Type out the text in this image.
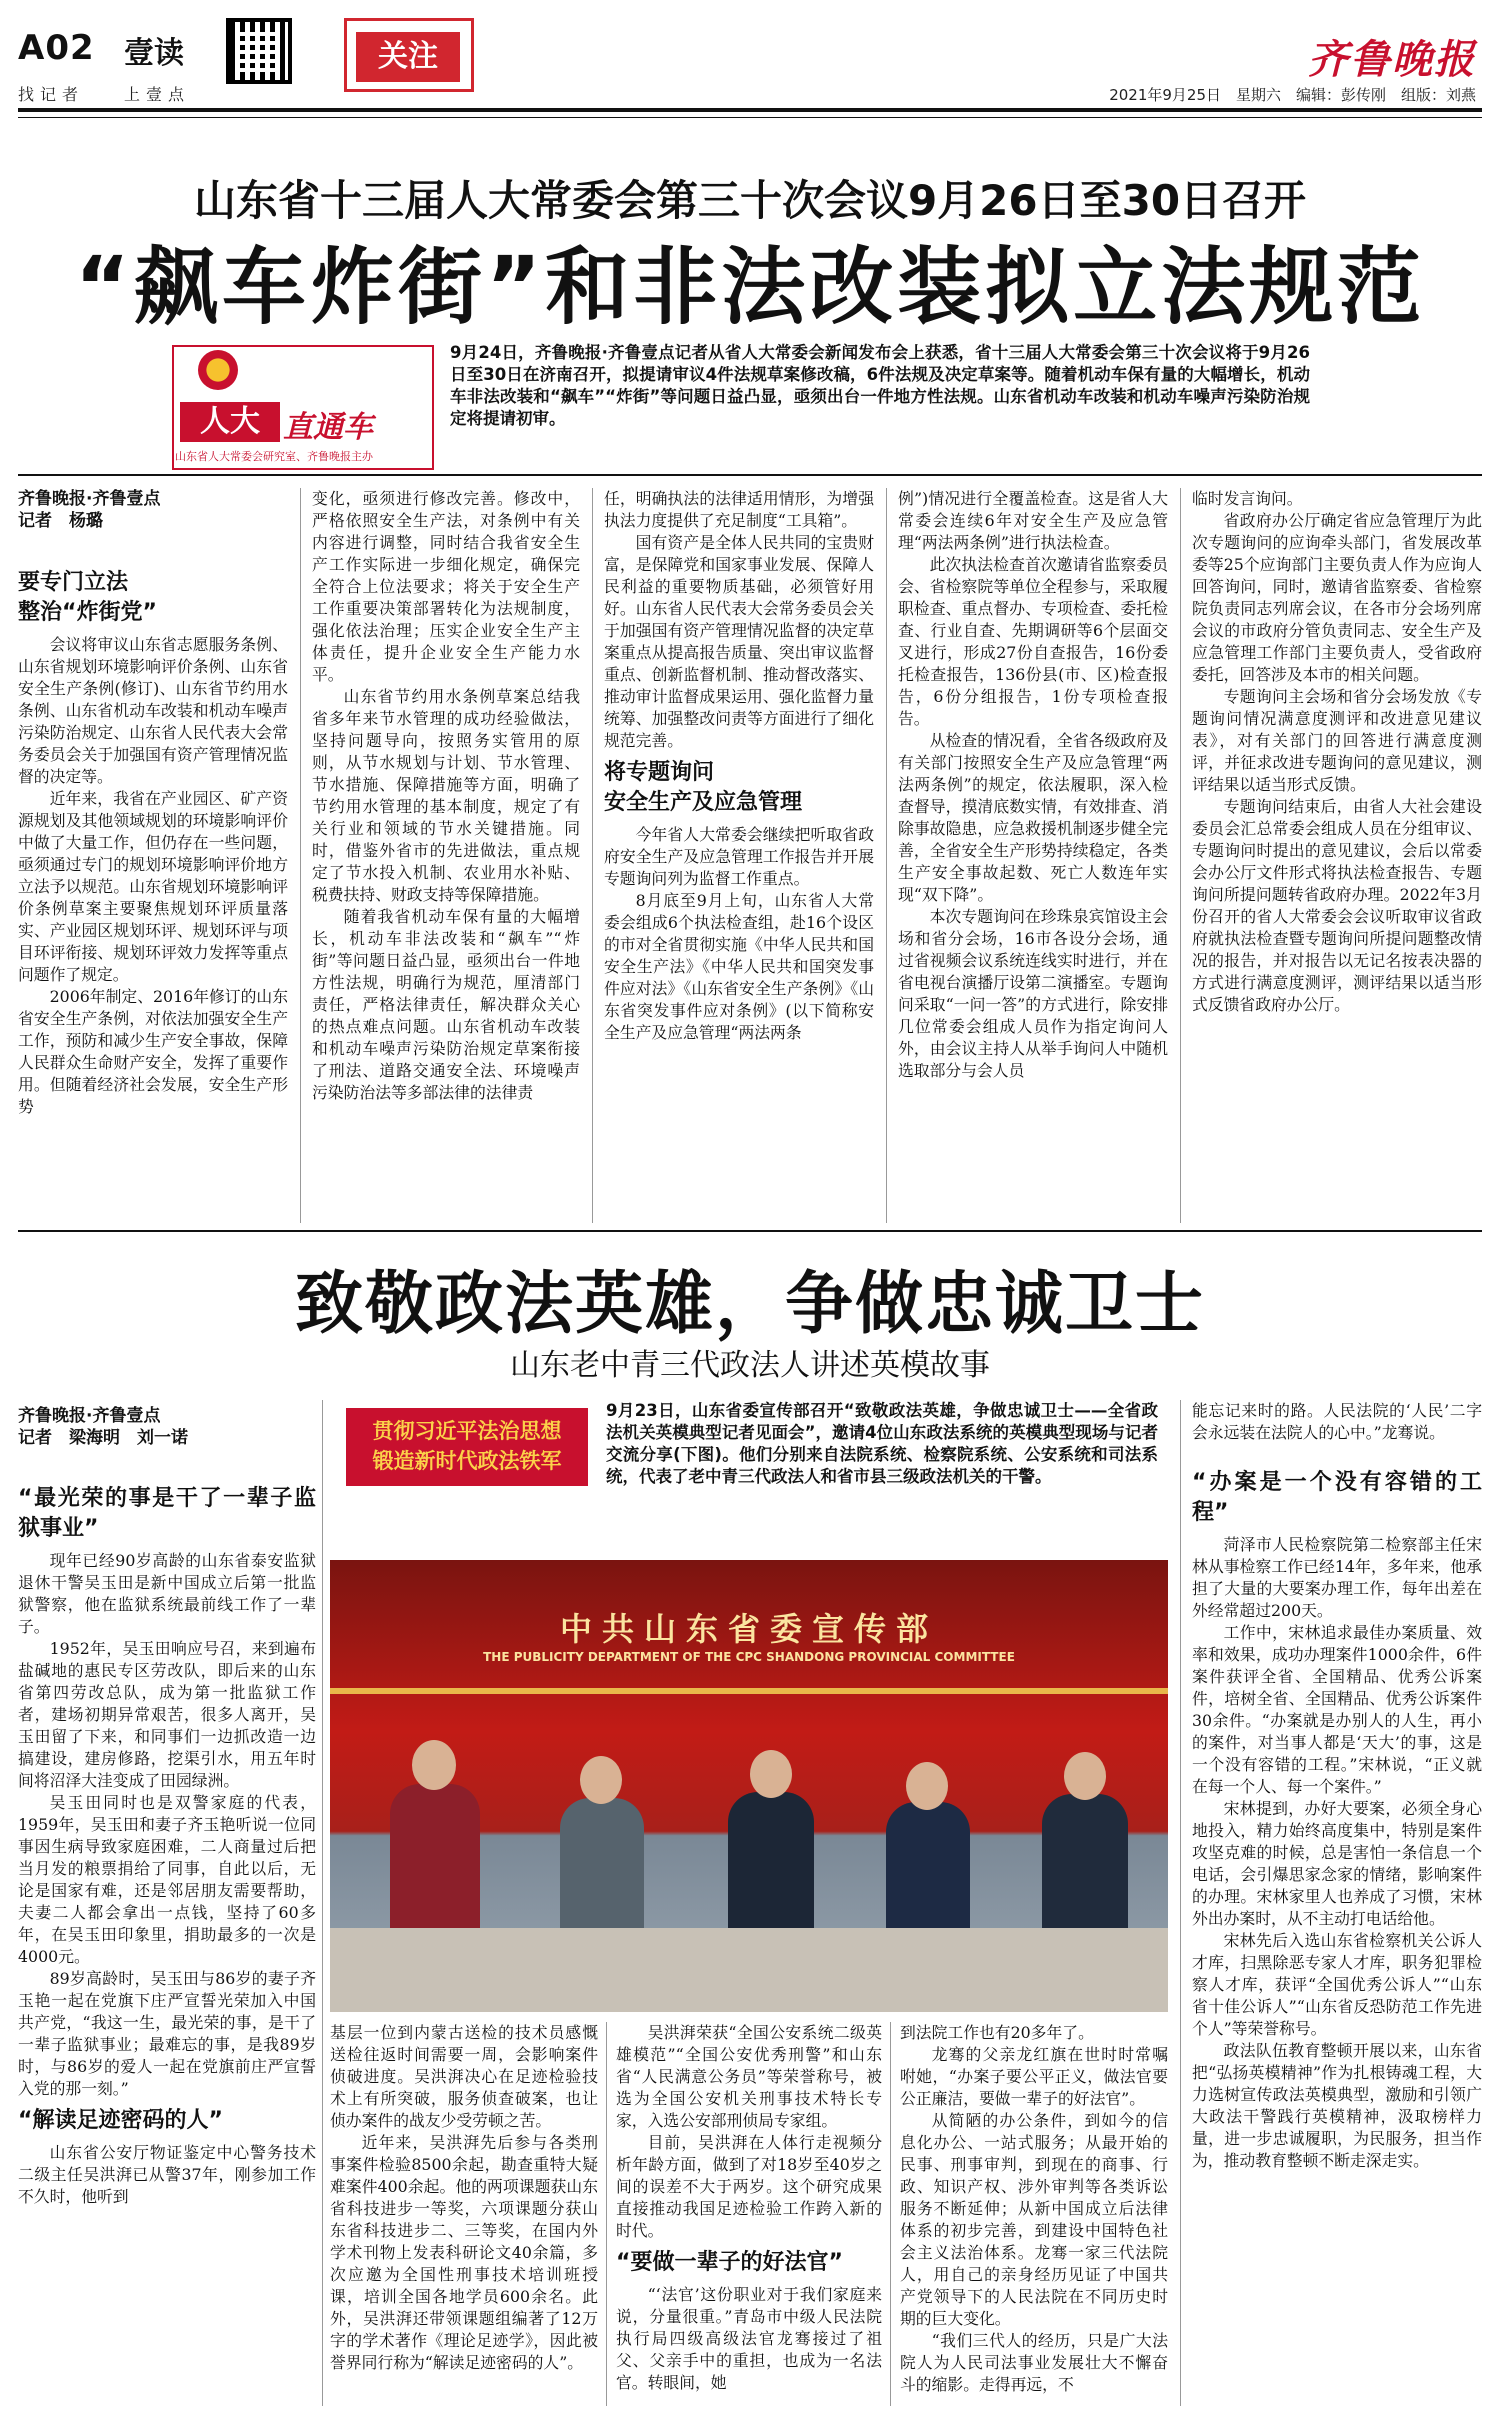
A02 壹读
找记者 上壹点
关注	齐鲁晚报
2021年9月25日　星期六　编辑：彭传刚　组版：刘燕
山东省十三届人大常委会第三十次会议9月26日至30日召开
“飙车炸街”和非法改装拟立法规范
人大 直通车
山东省人大常委会研究室、齐鲁晚报主办
9月24日，齐鲁晚报·齐鲁壹点记者从省人大常委会新闻发布会上获悉，省十三届人大常委会第三十次会议将于9月26日至30日在济南召开，拟提请审议4件法规草案修改稿，6件法规及决定草案等。随着机动车保有量的大幅增长，机动车非法改装和“飙车”“炸街”等问题日益凸显，亟须出台一件地方性法规。山东省机动车改装和机动车噪声污染防治规定将提请初审。
齐鲁晚报·齐鲁壹点
记者　杨璐
要专门立法
整治“炸街党”

会议将审议山东省志愿服务条例、山东省规划环境影响评价条例、山东省安全生产条例(修订)、山东省节约用水条例、山东省机动车改装和机动车噪声污染防治规定、山东省人民代表大会常务委员会关于加强国有资产管理情况监督的决定等。

近年来，我省在产业园区、矿产资源规划及其他领域规划的环境影响评价中做了大量工作，但仍存在一些问题，亟须通过专门的规划环境影响评价地方立法予以规范。山东省规划环境影响评价条例草案主要聚焦规划环评质量落实、产业园区规划环评、规划环评与项目环评衔接、规划环评效力发挥等重点问题作了规定。

2006年制定、2016年修订的山东省安全生产条例，对依法加强安全生产工作，预防和减少生产安全事故，保障人民群众生命财产安全，发挥了重要作用。但随着经济社会发展，安全生产形势

变化，亟须进行修改完善。修改中，严格依照安全生产法，对条例中有关内容进行调整，同时结合我省安全生产工作实际进一步细化规定，确保完全符合上位法要求；将关于安全生产工作重要决策部署转化为法规制度，强化依法治理；压实企业安全生产主体责任，提升企业安全生产能力水平。

山东省节约用水条例草案总结我省多年来节水管理的成功经验做法，坚持问题导向，按照务实管用的原则，从节水规划与计划、节水管理、节水措施、保障措施等方面，明确了节约用水管理的基本制度，规定了有关行业和领域的节水关键措施。同时，借鉴外省市的先进做法，重点规定了节水投入机制、农业用水补贴、税费扶持、财政支持等保障措施。

随着我省机动车保有量的大幅增长，机动车非法改装和“飙车”“炸街”等问题日益凸显，亟须出台一件地方性法规，明确行为规范，厘清部门责任，严格法律责任，解决群众关心的热点难点问题。山东省机动车改装和机动车噪声污染防治规定草案衔接了刑法、道路交通安全法、环境噪声污染防治法等多部法律的法律责

任，明确执法的法律适用情形，为增强执法力度提供了充足制度“工具箱”。

国有资产是全体人民共同的宝贵财富，是保障党和国家事业发展、保障人民利益的重要物质基础，必须管好用好。山东省人民代表大会常务委员会关于加强国有资产管理情况监督的决定草案重点从提高报告质量、突出审议监督重点、创新监督机制、推动督改落实、推动审计监督成果运用、强化监督力量统筹、加强整改问责等方面进行了细化规范完善。

将专题询问
安全生产及应急管理

今年省人大常委会继续把听取省政府安全生产及应急管理工作报告并开展专题询问列为监督工作重点。

8月底至9月上旬，山东省人大常委会组成6个执法检查组，赴16个设区的市对全省贯彻实施《中华人民共和国安全生产法》《中华人民共和国突发事件应对法》《山东省安全生产条例》《山东省突发事件应对条例》(以下简称安全生产及应急管理“两法两条

例”)情况进行全覆盖检查。这是省人大常委会连续6年对安全生产及应急管理“两法两条例”进行执法检查。

此次执法检查首次邀请省监察委员会、省检察院等单位全程参与，采取履职检查、重点督办、专项检查、委托检查、行业自查、先期调研等6个层面交叉进行，形成27份自查报告，16份委托检查报告，136份县(市、区)检查报告，6份分组报告，1份专项检查报告。

从检查的情况看，全省各级政府及有关部门按照安全生产及应急管理“两法两条例”的规定，依法履职，深入检查督导，摸清底数实情，有效排查、消除事故隐患，应急救援机制逐步健全完善，全省安全生产形势持续稳定，各类生产安全事故起数、死亡人数连年实现“双下降”。

本次专题询问在珍珠泉宾馆设主会场和省分会场，16市各设分会场，通过省视频会议系统连线实时进行，并在省电视台演播厅设第二演播室。专题询问采取“一问一答”的方式进行，除安排几位常委会组成人员作为指定询问人外，由会议主持人从举手询问人中随机选取部分与会人员

临时发言询问。

省政府办公厅确定省应急管理厅为此次专题询问的应询牵头部门，省发展改革委等25个应询部门主要负责人作为应询人回答询问，同时，邀请省监察委、省检察院负责同志列席会议，在各市分会场列席会议的市政府分管负责同志、安全生产及应急管理工作部门主要负责人，受省政府委托，回答涉及本市的相关问题。

专题询问主会场和省分会场发放《专题询问情况满意度测评和改进意见建议表》，对有关部门的回答进行满意度测评，并征求改进专题询问的意见建议，测评结果以适当形式反馈。

专题询问结束后，由省人大社会建设委员会汇总常委会组成人员在分组审议、专题询问时提出的意见建议，会后以常委会办公厅文件形式将执法检查报告、专题询问所提问题转省政府办理。2022年3月份召开的省人大常委会会议听取审议省政府就执法检查暨专题询问所提问题整改情况的报告，并对报告以无记名按表决器的方式进行满意度测评，测评结果以适当形式反馈省政府办公厅。

致敬政法英雄，争做忠诚卫士
山东老中青三代政法人讲述英模故事
齐鲁晚报·齐鲁壹点
记者　梁海明　刘一诺	贯彻习近平法治思想
锻造新时代政法铁军
9月23日，山东省委宣传部召开“致敬政法英雄，争做忠诚卫士——全省政法机关英模典型记者见面会”，邀请4位山东政法系统的英模典型现场与记者交流分享(下图)。他们分别来自法院系统、检察院系统、公安系统和司法系统，代表了老中青三代政法人和省市县三级政法机关的干警。
“最光荣的事是干了一辈子监狱事业”

现年已经90岁高龄的山东省泰安监狱退休干警吴玉田是新中国成立后第一批监狱警察，他在监狱系统最前线工作了一辈子。

1952年，吴玉田响应号召，来到遍布盐碱地的惠民专区劳改队，即后来的山东省第四劳改总队，成为第一批监狱工作者，建场初期异常艰苦，很多人离开，吴玉田留了下来，和同事们一边抓改造一边搞建设，建房修路，挖渠引水，用五年时间将沼泽大洼变成了田园绿洲。

吴玉田同时也是双警家庭的代表，1959年，吴玉田和妻子齐玉艳听说一位同事因生病导致家庭困难，二人商量过后把当月发的粮票捐给了同事，自此以后，无论是国家有难，还是邻居朋友需要帮助，夫妻二人都会拿出一点钱，坚持了60多年，在吴玉田印象里，捐助最多的一次是4000元。

89岁高龄时，吴玉田与86岁的妻子齐玉艳一起在党旗下庄严宣誓光荣加入中国共产党，“我这一生，最光荣的事，是干了一辈子监狱事业；最难忘的事，是我89岁时，与86岁的爱人一起在党旗前庄严宣誓入党的那一刻。”

“解读足迹密码的人”

山东省公安厅物证鉴定中心警务技术二级主任吴洪湃已从警37年，刚参加工作不久时，他听到

中共山东省委宣传部
THE PUBLICITY DEPARTMENT OF THE CPC SHANDONG PROVINCIAL COMMITTEE

基层一位到内蒙古送检的技术员感慨送检往返时间需要一周，会影响案件侦破进度。吴洪湃决心在足迹检验技术上有所突破，服务侦查破案，也让侦办案件的战友少受劳顿之苦。

近年来，吴洪湃先后参与各类刑事案件检验8500余起，勘查重特大疑难案件400余起。他的两项课题获山东省科技进步一等奖，六项课题分获山东省科技进步二、三等奖，在国内外学术刊物上发表科研论文40余篇，多次应邀为全国性刑事技术培训班授课，培训全国各地学员600余名。此外，吴洪湃还带领课题组编著了12万字的学术著作《理论足迹学》，因此被誉界同行称为“解读足迹密码的人”。

吴洪湃荣获“全国公安系统二级英雄模范”“全国公安优秀刑警”和山东省“人民满意公务员”等荣誉称号，被选为全国公安机关刑事技术特长专家，入选公安部刑侦局专家组。

目前，吴洪湃在人体行走视频分析年龄方面，做到了对18岁至40岁之间的误差不大于两岁。这个研究成果直接推动我国足迹检验工作跨入新的时代。

“要做一辈子的好法官”

“‘法官’这份职业对于我们家庭来说，分量很重。”青岛市中级人民法院执行局四级高级法官龙骞接过了祖父、父亲手中的重担，也成为一名法官。转眼间，她

到法院工作也有20多年了。

龙骞的父亲龙红旗在世时时常嘱咐她，“办案子要公平正义，做法官要公正廉洁，要做一辈子的好法官”。

从简陋的办公条件，到如今的信息化办公、一站式服务；从最开始的民事、刑事审判，到现在的商事、行政、知识产权、涉外审判等各类诉讼服务不断延伸；从新中国成立后法律体系的初步完善，到建设中国特色社会主义法治体系。龙骞一家三代法院人，用自己的亲身经历见证了中国共产党领导下的人民法院在不同历史时期的巨大变化。

“我们三代人的经历，只是广大法院人为人民司法事业发展壮大不懈奋斗的缩影。走得再远，不

能忘记来时的路。人民法院的‘人民’二字会永远装在法院人的心中。”龙骞说。

“办案是一个没有容错的工程”

菏泽市人民检察院第二检察部主任宋林从事检察工作已经14年，多年来，他承担了大量的大要案办理工作，每年出差在外经常超过200天。

工作中，宋林追求最佳办案质量、效率和效果，成功办理案件1000余件，6件案件获评全省、全国精品、优秀公诉案件，培树全省、全国精品、优秀公诉案件30余件。“办案就是办别人的人生，再小的案件，对当事人都是‘天大’的事，这是一个没有容错的工程。”宋林说，“正义就在每一个人、每一个案件。”

宋林提到，办好大要案，必须全身心地投入，精力始终高度集中，特别是案件攻坚克难的时候，总是害怕一条信息一个电话，会引爆思家念家的情绪，影响案件的办理。宋林家里人也养成了习惯，宋林外出办案时，从不主动打电话给他。

宋林先后入选山东省检察机关公诉人才库，扫黑除恶专家人才库，职务犯罪检察人才库，获评“全国优秀公诉人”“山东省十佳公诉人”“山东省反恐防范工作先进个人”等荣誉称号。

政法队伍教育整顿开展以来，山东省把“弘扬英模精神”作为扎根铸魂工程，大力选树宣传政法英模典型，激励和引领广大政法干警践行英模精神，汲取榜样力量，进一步忠诚履职，为民服务，担当作为，推动教育整顿不断走深走实。
